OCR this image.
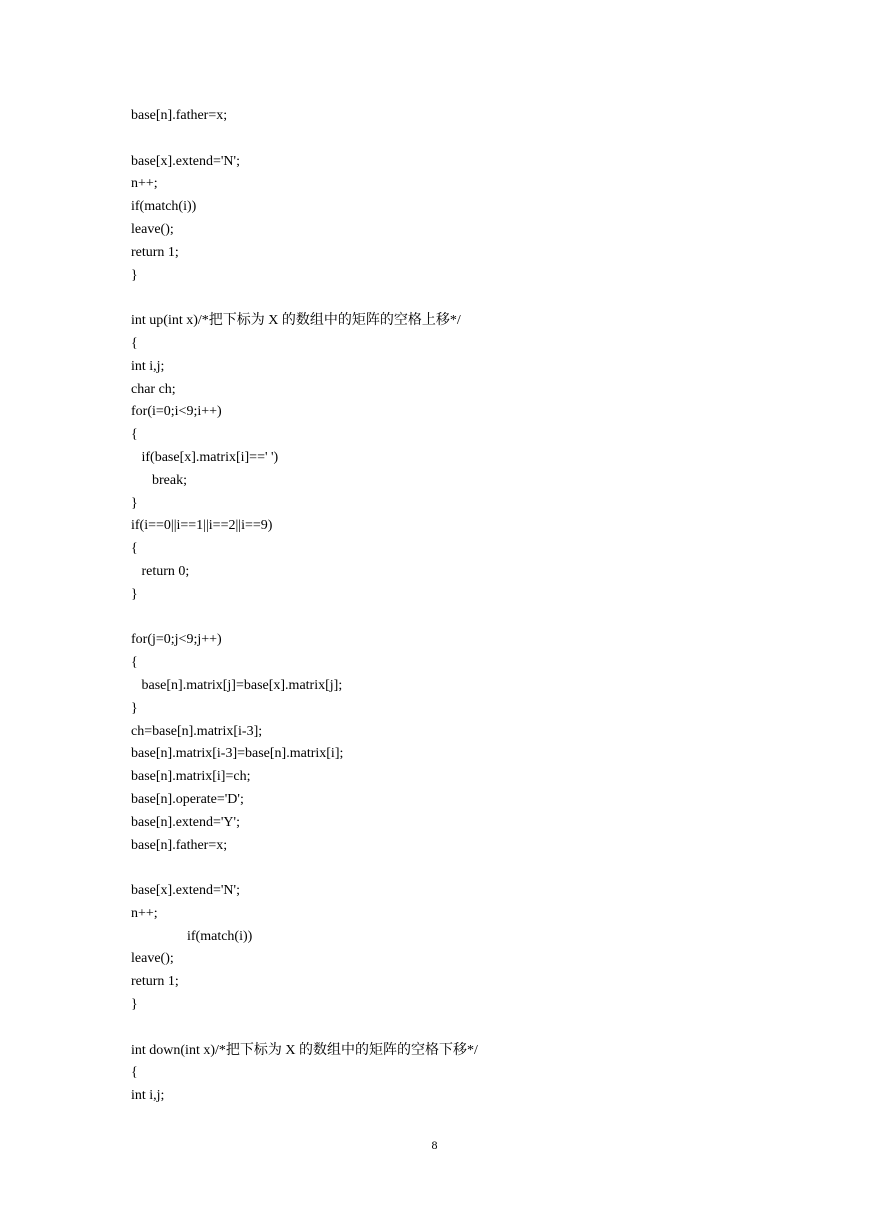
base[n].father=x;
base[x].extend='N';
n++;
if(match(i))
leave();
return 1;
}
int up(int x)/*把下标为 X 的数组中的矩阵的空格上移*/
{
int i,j;
char ch;
for(i=0;i<9;i++)
{
if(base[x].matrix[i]==' ')
break;
}
if(i==0||i==1||i==2||i==9)
{
return 0;
}
for(j=0;j<9;j++)
{
base[n].matrix[j]=base[x].matrix[j];
}
ch=base[n].matrix[i-3];
base[n].matrix[i-3]=base[n].matrix[i];
base[n].matrix[i]=ch;
base[n].operate='D';
base[n].extend='Y';
base[n].father=x;
base[x].extend='N';
n++;
if(match(i))
leave();
return 1;
}
int down(int x)/*把下标为 X 的数组中的矩阵的空格下移*/
{
int i,j;
8
